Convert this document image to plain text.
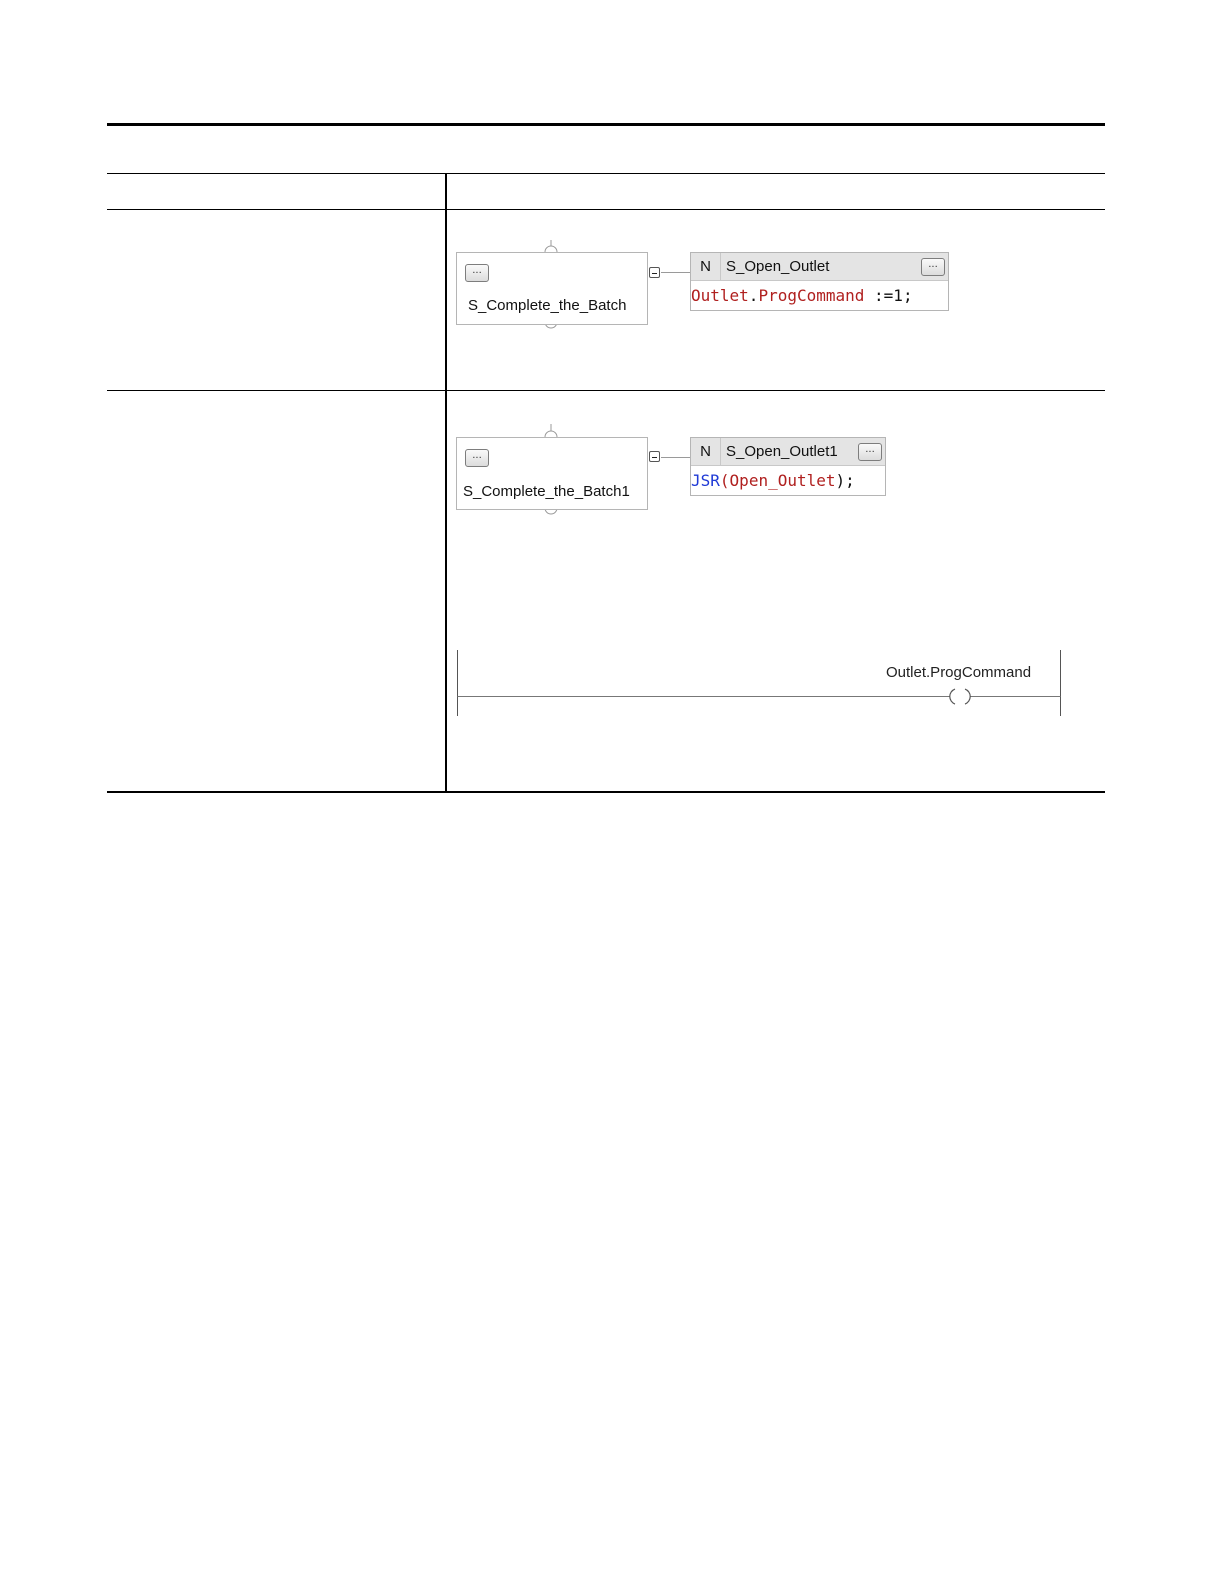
...
S_Complete_the_Batch
N	S_Open_Outlet	...
Outlet.ProgCommand :=1;
...
S_Complete_the_Batch1
N	S_Open_Outlet1	...
JSR(Open_Outlet);
Outlet.ProgCommand
